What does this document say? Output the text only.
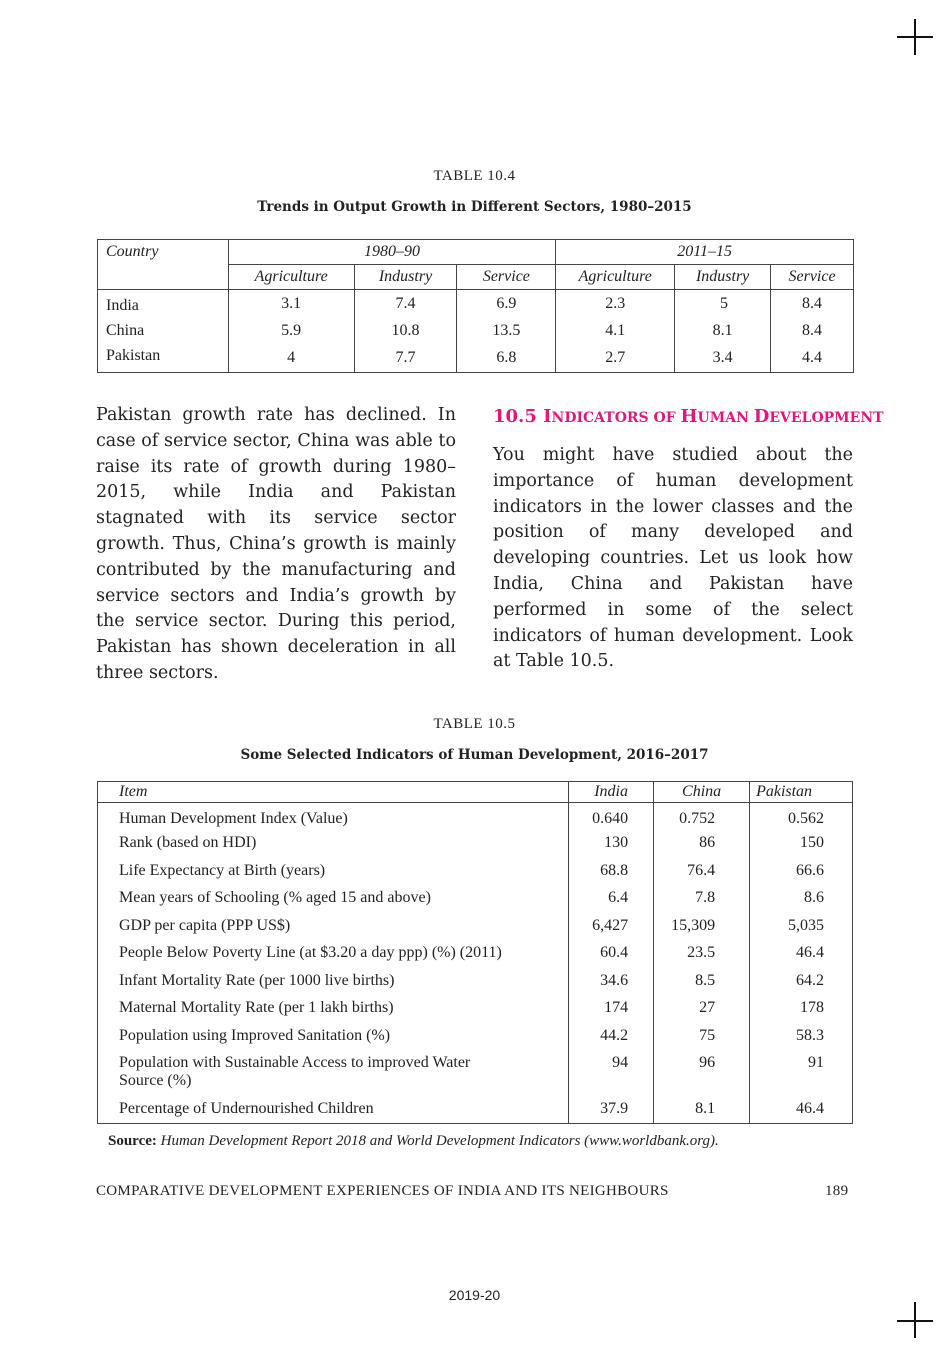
TABLE 10.4
Trends in Output Growth in Different Sectors, 1980–2015
Country	1980–90			2011–15		
	Agriculture	Industry	Service	Agriculture	Industry	Service
India	3.1	7.4	6.9	2.3	5	8.4
China	5.9	10.8	13.5	4.1	8.1	8.4
Pakistan	4	7.7	6.8	2.7	3.4	4.4
Pakistan growth rate has declined. In case of service sector, China was able to raise its rate of growth during 1980–2015, while India and Pakistan stagnated with its service sector growth. Thus, China’s growth is mainly contributed by the manufacturing and service sectors and India’s growth by the service sector. During this period, Pakistan has shown deceleration in all three sectors.
10.5 INDICATORS OF HUMAN DEVELOPMENT
You might have studied about the importance of human development indicators in the lower classes and the position of many developed and developing countries. Let us look how India, China and Pakistan have performed in some of the select indicators of human development. Look at Table 10.5.
TABLE 10.5
Some Selected Indicators of Human Development, 2016–2017
Item	India	China	Pakistan
Human Development Index (Value)	0.640	0.752	0.562
Rank (based on HDI)	130	86	150
Life Expectancy at Birth (years)	68.8	76.4	66.6
Mean years of Schooling (% aged 15 and above)	6.4	7.8	8.6
GDP per capita (PPP US$)	6,427	15,309	5,035
People Below Poverty Line (at $3.20 a day ppp) (%) (2011)	60.4	23.5	46.4
Infant Mortality Rate (per 1000 live births)	34.6	8.5	64.2
Maternal Mortality Rate (per 1 lakh births)	174	27	178
Population using Improved Sanitation (%)	44.2	75	58.3
Population with Sustainable Access to improved Water Source (%)	94	96	91
Percentage of Undernourished Children	37.9	8.1	46.4
Source: Human Development Report 2018 and World Development Indicators (www.worldbank.org).
COMPARATIVE DEVELOPMENT EXPERIENCES OF INDIA AND ITS NEIGHBOURS	189
2019-20
